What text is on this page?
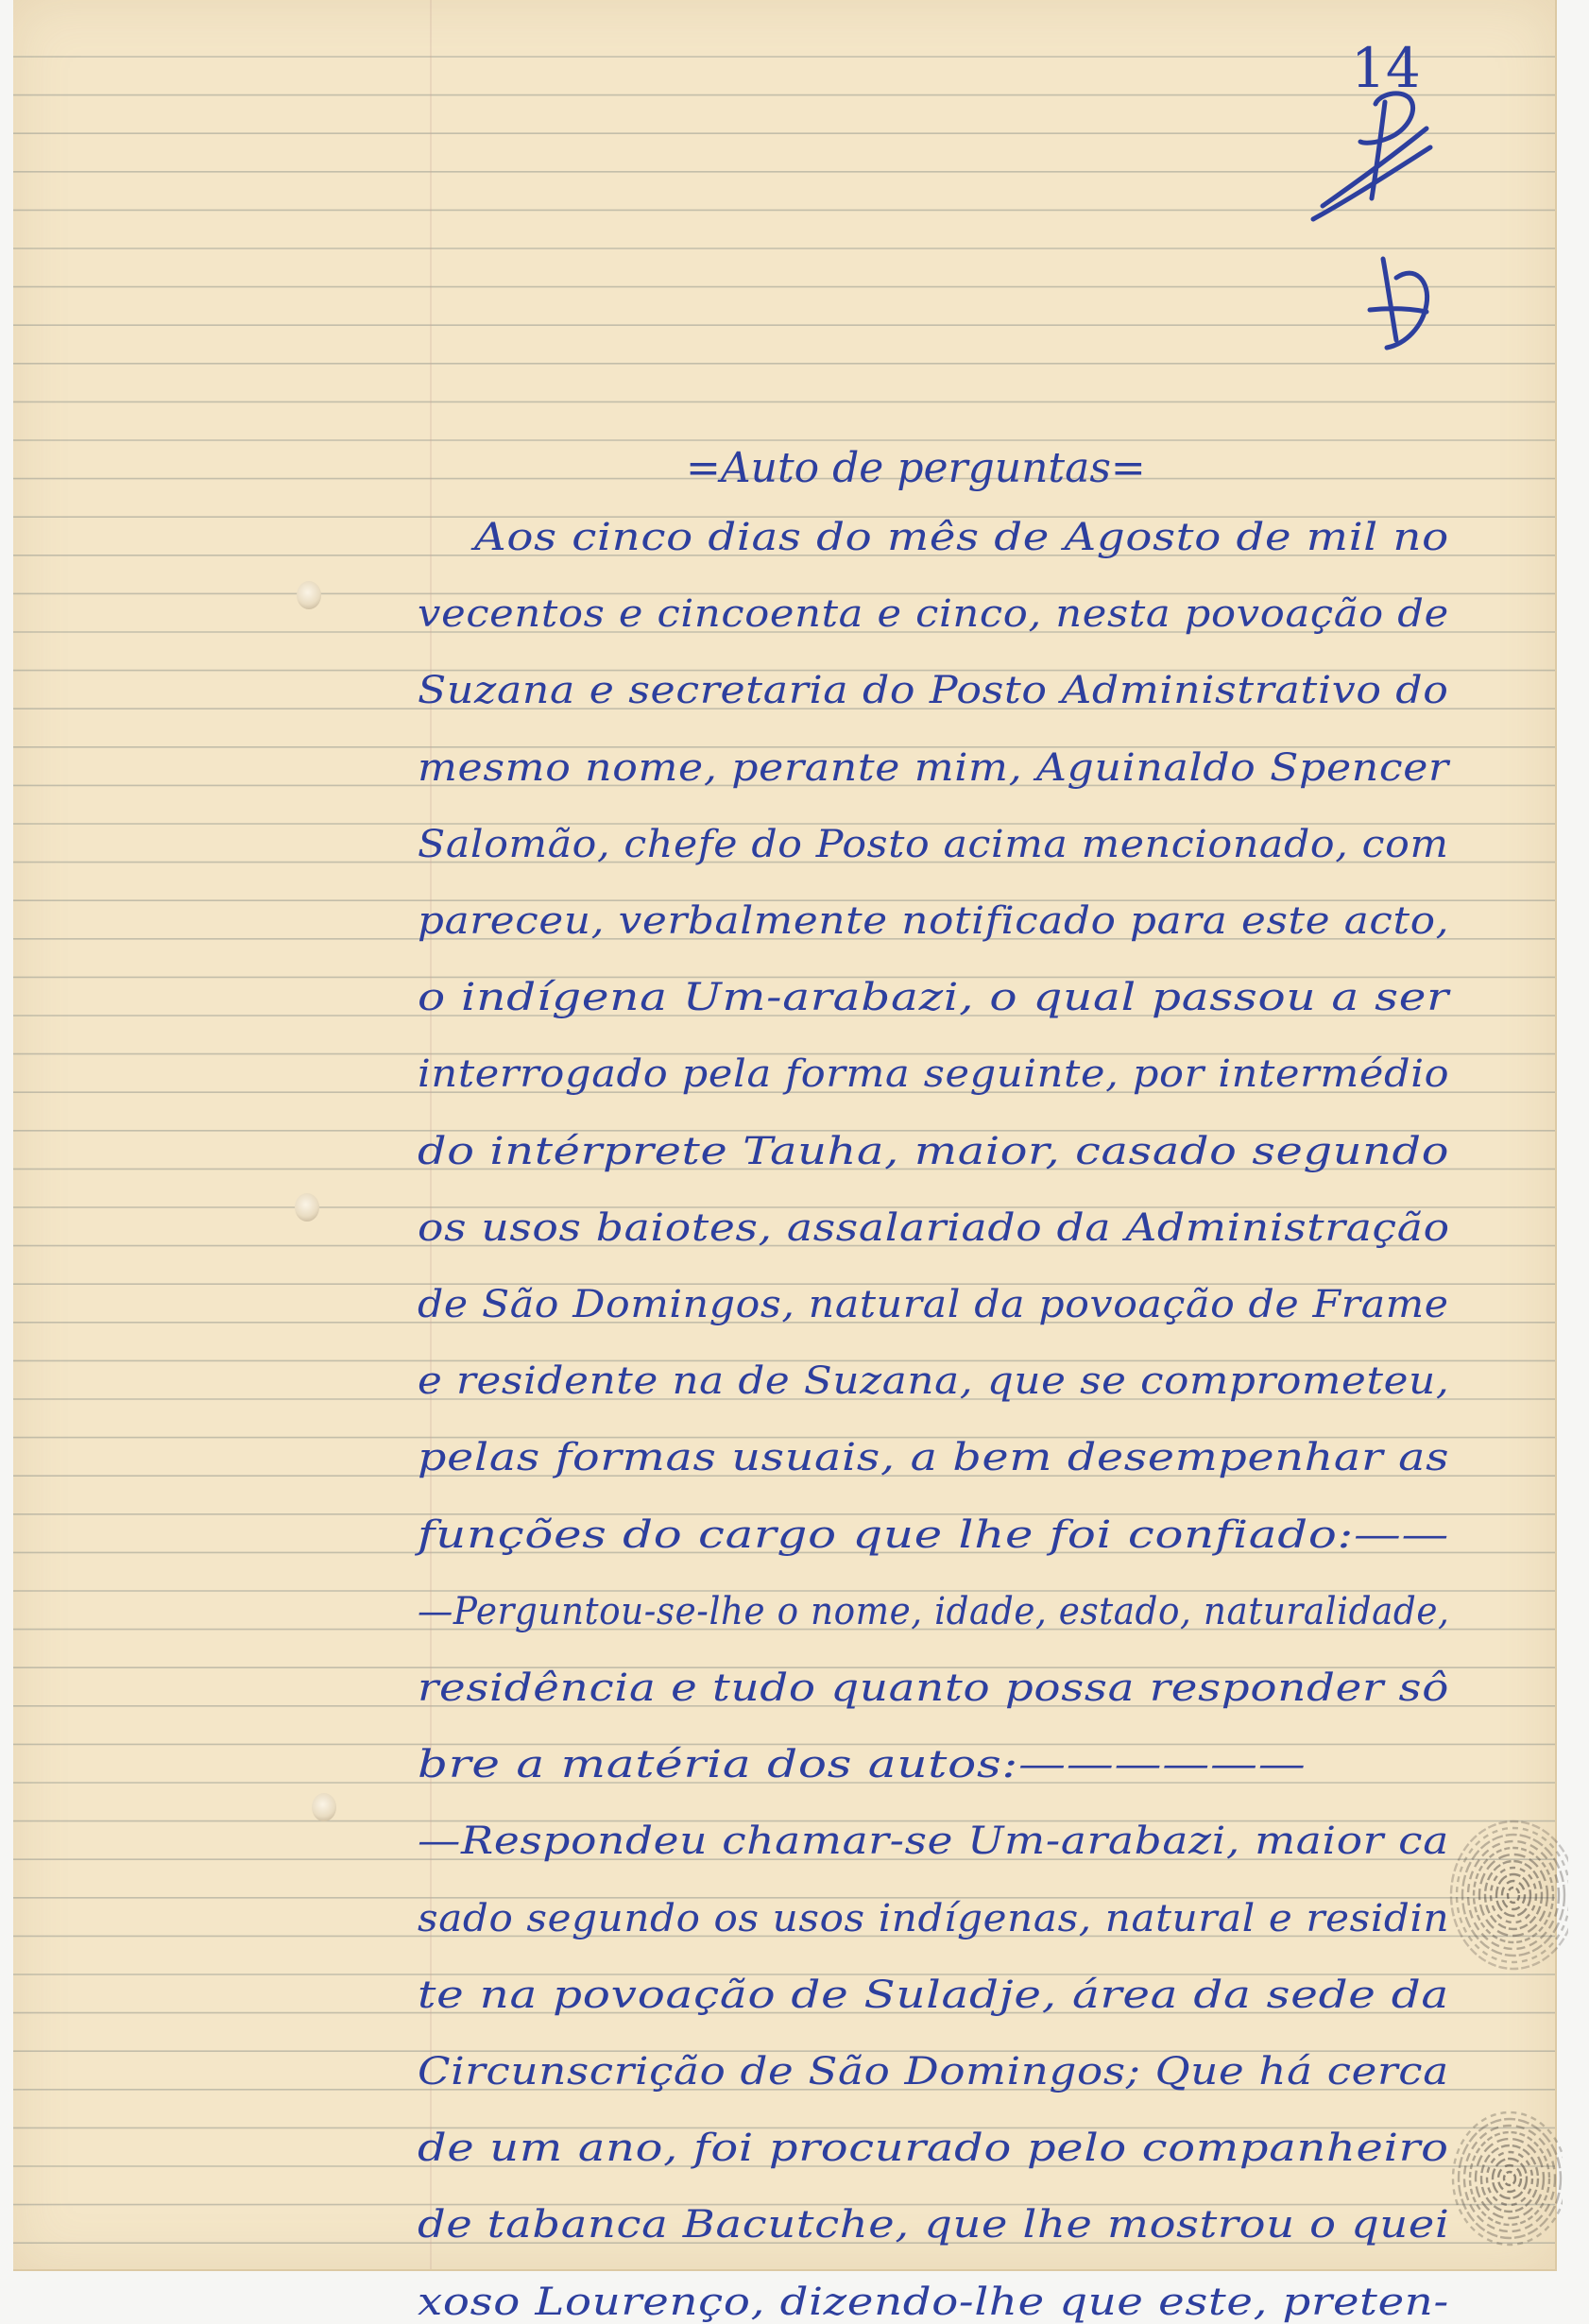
14
=Auto de perguntas=
Aos cinco dias do mês de Agosto de mil no
vecentos e cincoenta e cinco, nesta povoação de
Suzana e secretaria do Posto Administrativo do
mesmo nome, perante mim, Aguinaldo Spencer
Salomão, chefe do Posto acima mencionado, com
pareceu, verbalmente notificado para este acto,
o indígena Um-arabazi, o qual passou a ser
interrogado pela forma seguinte, por intermédio
do intérprete Tauha, maior, casado segundo
os usos baiotes, assalariado da Administração
de São Domingos, natural da povoação de Frame
e residente na de Suzana, que se comprometeu,
pelas formas usuais, a bem desempenhar as
funções do cargo que lhe foi confiado:——
—Perguntou-se-lhe o nome, idade, estado, naturalidade,
residência e tudo quanto possa responder sô
bre a matéria dos autos:——————
—Respondeu chamar-se Um-arabazi, maior ca
sado segundo os usos indígenas, natural e residin
te na povoação de Suladje, área da sede da
Circunscrição de São Domingos; Que há cerca
de um ano, foi procurado pelo companheiro
de tabanca Bacutche, que lhe mostrou o quei
xoso Lourenço, dizendo-lhe que este, preten-
